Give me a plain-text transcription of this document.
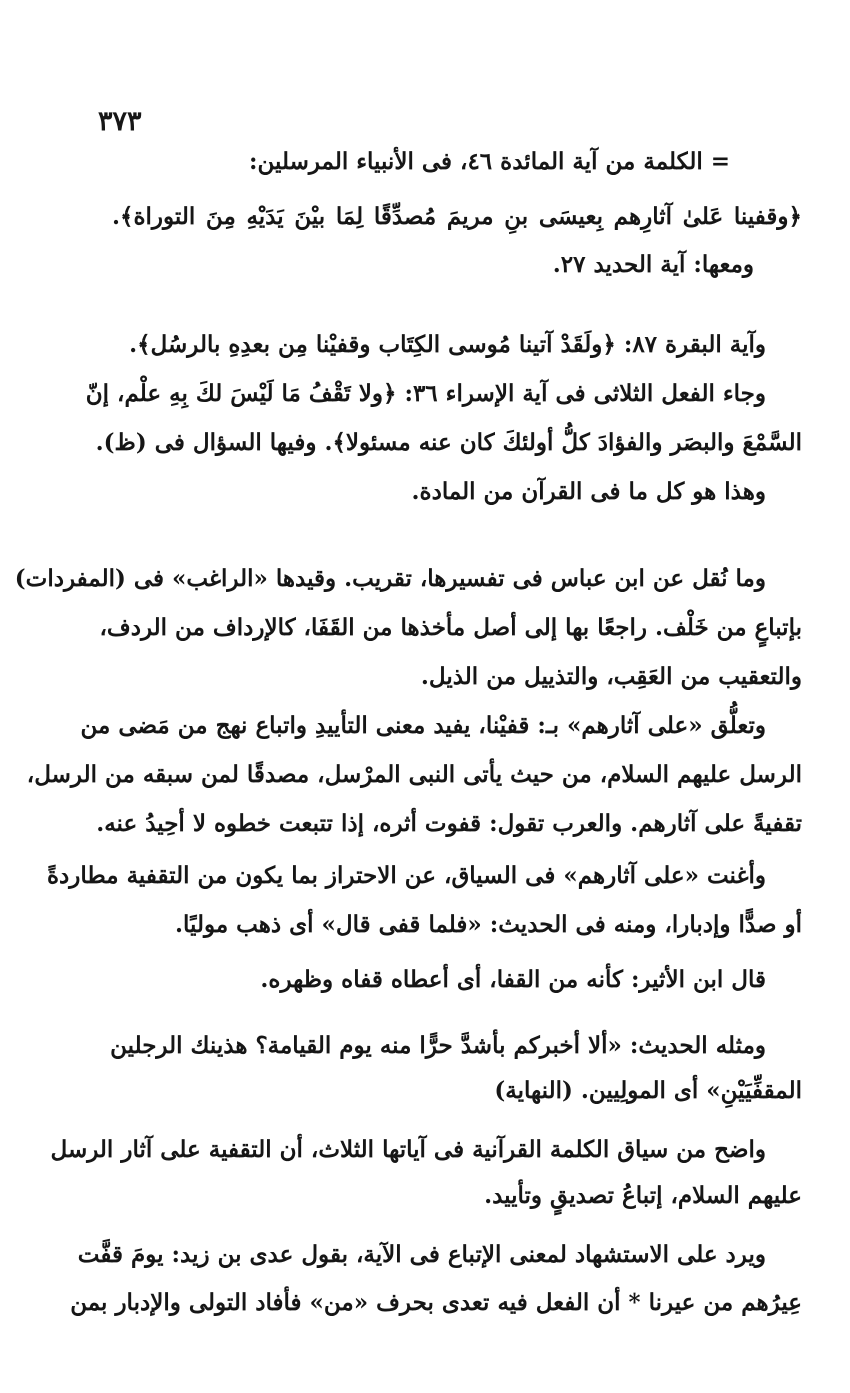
٣٧٣
= الكلمة من آية المائدة ٤٦، فى الأنبياء المرسلين:
﴿وقفينا عَلىٰ آثارِهم بِعيسَى بنِ مريمَ مُصدِّقًا لِمَا بيْنَ يَدَيْهِ مِنَ التوراة﴾.
ومعها: آية الحديد ٢٧.
وآية البقرة ٨٧: ﴿ولَقَدْ آتينا مُوسى الكِتَاب وقفيْنا مِن بعدِهِ بالرسُل﴾.
وجاء الفعل الثلاثى فى آية الإسراء ٣٦: ﴿ولا تَقْفُ مَا لَيْسَ لكَ بِهِ علْم، إنّ
السَّمْعَ والبصَر والفؤادَ كلُّ أولئكَ كان عنه مسئولا﴾. وفيها السؤال فى (ظ).
وهذا هو كل ما فى القرآن من المادة.
وما نُقل عن ابن عباس فى تفسيرها، تقريب. وقيدها «الراغب» فى (المفردات)
بإتباعٍ من خَلْف. راجعًا بها إلى أصل مأخذها من القَفَا، كالإرداف من الردف،
والتعقيب من العَقِب، والتذييل من الذيل.
وتعلُّق «على آثارهم» بـ: قفيْنا، يفيد معنى التأييدِ واتباع نهج من مَضى من
الرسل عليهم السلام، من حيث يأتى النبى المرْسل، مصدقًا لمن سبقه من الرسل،
تقفيةً على آثارهم. والعرب تقول: قفوت أثره، إذا تتبعت خطوه لا أحِيدُ عنه.
وأغنت «على آثارهم» فى السياق، عن الاحتراز بما يكون من التقفية مطاردةً
أو صدًّا وإدبارا، ومنه فى الحديث: «فلما قفى قال» أى ذهب موليًا.
قال ابن الأثير: كأنه من القفا، أى أعطاه قفاه وظهره.
ومثله الحديث: «ألا أخبركم بأشدَّ حرًّا منه يوم القيامة؟ هذينك الرجلين
المقفِّيَيْنِ» أى المولِيين. (النهاية)
واضح من سياق الكلمة القرآنية فى آياتها الثلاث، أن التقفية على آثار الرسل
عليهم السلام، إتباعُ تصديقٍ وتأييد.
ويرد على الاستشهاد لمعنى الإتباع فى الآية، بقول عدى بن زيد: يومَ قفَّت
عِيرُهم من عيرنا * أن الفعل فيه تعدى بحرف «من» فأفاد التولى والإدبار بمن
